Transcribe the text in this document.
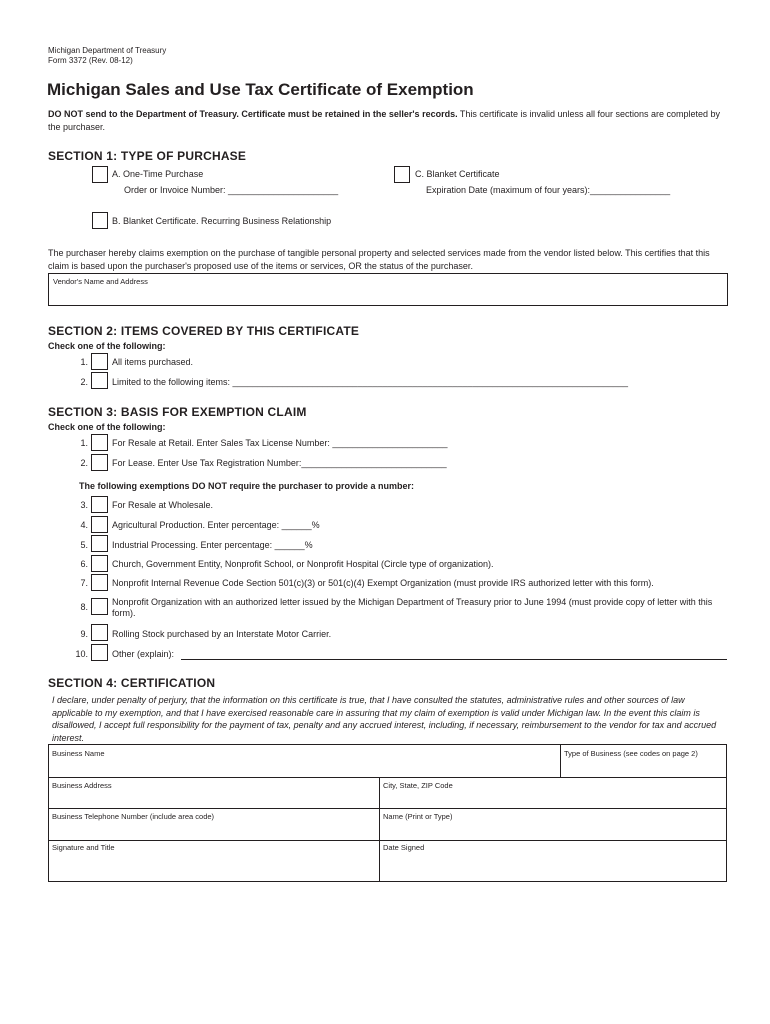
Michigan Department of Treasury
Form 3372 (Rev. 08-12)
Michigan Sales and Use Tax Certificate of Exemption
DO NOT send to the Department of Treasury. Certificate must be retained in the seller's records. This certificate is invalid unless all four sections are completed by the purchaser.
SECTION 1: TYPE OF PURCHASE
A. One-Time Purchase
Order or Invoice Number: ______________________
C. Blanket Certificate
Expiration Date (maximum of four years):________________
B. Blanket Certificate. Recurring Business Relationship
The purchaser hereby claims exemption on the purchase of tangible personal property and selected services made from the vendor listed below. This certifies that this claim is based upon the purchaser's proposed use of the items or services, OR the status of the purchaser.
Vendor's Name and Address
SECTION 2: ITEMS COVERED BY THIS CERTIFICATE
Check one of the following:
1.	All items purchased.
2.	Limited to the following items: _______________________________________________________________________________
SECTION 3: BASIS FOR EXEMPTION CLAIM
Check one of the following:
1.	For Resale at Retail. Enter Sales Tax License Number: _______________________
2.	For Lease. Enter Use Tax Registration Number:_____________________________
The following exemptions DO NOT require the purchaser to provide a number:
3.	For Resale at Wholesale.
4.	Agricultural Production. Enter percentage: ______%
5.	Industrial Processing. Enter percentage: ______%
6.	Church, Government Entity, Nonprofit School, or Nonprofit Hospital (Circle type of organization).
7.	Nonprofit Internal Revenue Code Section 501(c)(3) or 501(c)(4) Exempt Organization (must provide IRS authorized letter with this form).
8.	Nonprofit Organization with an authorized letter issued by the Michigan Department of Treasury prior to June 1994 (must provide copy of letter with this form).
9.	Rolling Stock purchased by an Interstate Motor Carrier.
10.	Other (explain):
SECTION 4: CERTIFICATION
I declare, under penalty of perjury, that the information on this certificate is true, that I have consulted the statutes, administrative rules and other sources of law applicable to my exemption, and that I have exercised reasonable care in assuring that my claim of exemption is valid under Michigan law. In the event this claim is disallowed, I accept full responsibility for the payment of tax, penalty and any accrued interest, including, if necessary, reimbursement to the vendor for tax and accrued interest.
Business Name	Type of Business (see codes on page 2)
Business Address	City, State, ZIP Code
Business Telephone Number (include area code)	Name (Print or Type)
Signature and Title	Date Signed
